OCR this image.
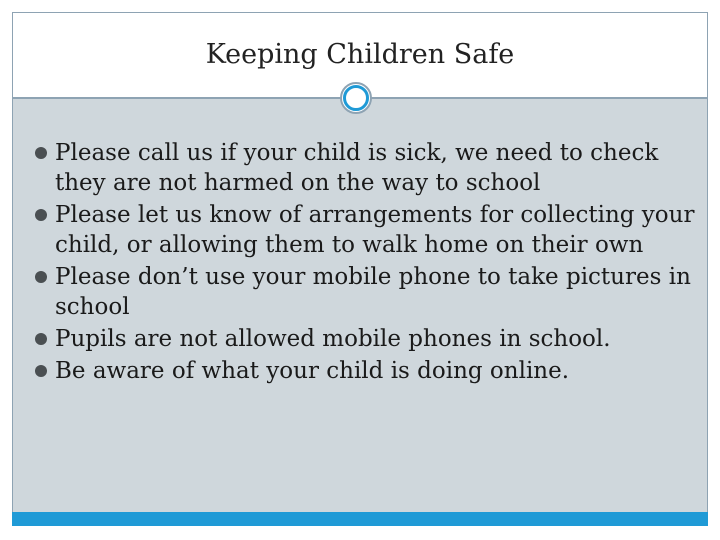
Keeping Children Safe
Please call us if your child is sick, we need to check they are not harmed on the way to school
Please let us know of arrangements for collecting your child, or allowing them to walk home on their own
Please don’t use your mobile phone to take pictures in school
Pupils are not allowed mobile phones in school.
Be aware of what your child is doing online.
